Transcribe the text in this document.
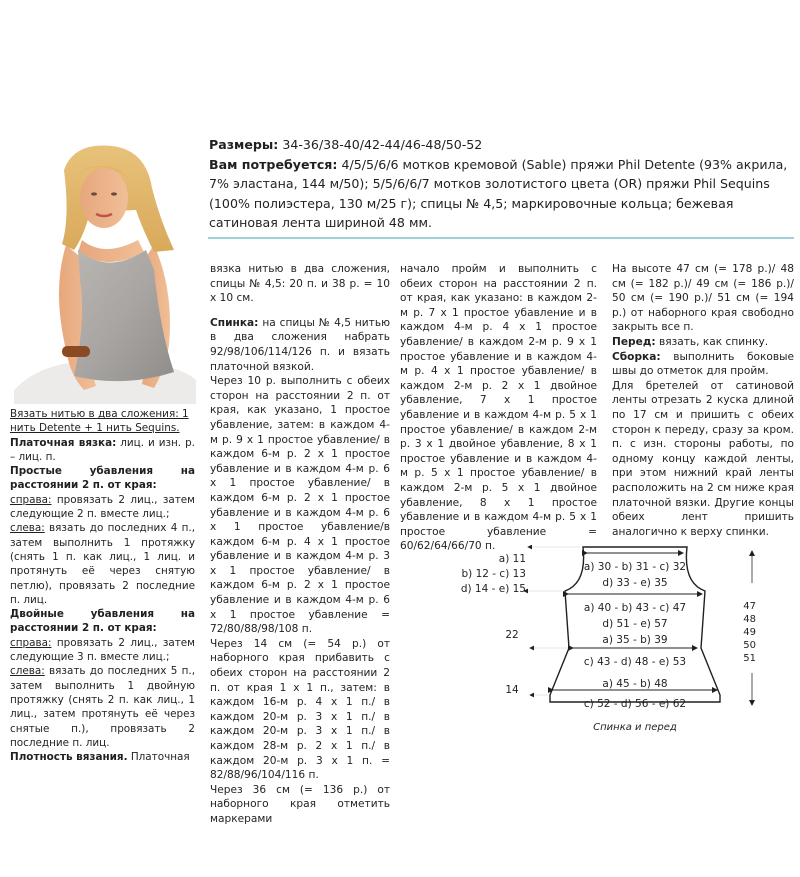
Размеры: 34-36/38-40/42-44/46-48/50-52
Вам потребуется: 4/5/5/6/6 мотков кремовой (Sable) пряжи Phil Detente (93% акрила, 7% эластана, 144 м/50); 5/5/6/6/7 мотков золотистого цвета (OR) пряжи Phil Sequins (100% полиэстера, 130 м/25 г); спицы № 4,5; маркировочные кольца; бежевая сатиновая лента шириной 48 мм.

Вязать нитью в два сложения: 1 нить Detente + 1 нить Sequins.

Платочная вязка: лиц. и изн. р. – лиц. п.

Простые убавления на расстоянии 2 п. от края:

справа: провязать 2 лиц., затем следующие 2 п. вместе лиц.;

слева: вязать до последних 4 п., затем выполнить 1 протяжку (снять 1 п. как лиц., 1 лиц. и протянуть её через снятую петлю), провязать 2 последние п. лиц.

Двойные убавления на расстоянии 2 п. от края:

справа: провязать 2 лиц., затем следующие 3 п. вместе лиц.;

слева: вязать до последних 5 п., затем выполнить 1 двойную протяжку (снять 2 п. как лиц., 1 лиц., затем протянуть её через снятые п.), провязать 2 последние п. лиц.

Плотность вязания. Платочная

вязка нитью в два сложения, спицы № 4,5: 20 п. и 38 р. = 10 х 10 см.

Спинка: на спицы № 4,5 нитью в два сложения набрать 92/98/106/114/126 п. и вязать платочной вязкой.

Через 10 р. выполнить с обеих сторон на расстоянии 2 п. от края, как указано, 1 простое убавление, затем: в каждом 4-м р. 9 х 1 простое убавление/ в каждом 6-м р. 2 х 1 простое убавление и в каждом 4-м р. 6 х 1 простое убавление/ в каждом 6-м р. 2 х 1 простое убавление и в каждом 4-м р. 6 х 1 простое убавление/в каждом 6-м р. 4 х 1 простое убавление и в каждом 4-м р. 3 х 1 простое убавление/ в каждом 6-м р. 2 х 1 простое убавление и в каждом 4-м р. 6 х 1 простое убавление = 72/80/88/98/108 п.

Через 14 см (= 54 р.) от наборного края прибавить с обеих сторон на расстоянии 2 п. от края 1 х 1 п., затем: в каждом 16-м р. 4 х 1 п./ в каждом 20-м р. 3 х 1 п./ в каждом 20-м р. 3 х 1 п./ в каждом 28-м р. 2 х 1 п./ в каждом 20-м р. 3 х 1 п. = 82/88/96/104/116 п.

Через 36 см (= 136 р.) от наборного края отметить маркерами

начало пройм и выполнить с обеих сторон на расстоянии 2 п. от края, как указано: в каждом 2-м р. 7 х 1 простое убавление и в каждом 4-м р. 4 х 1 простое убавление/ в каждом 2-м р. 9 х 1 простое убавление и в каждом 4-м р. 4 х 1 простое убавление/ в каждом 2-м р. 2 х 1 двойное убавление, 7 х 1 простое убавление и в каждом 4-м р. 5 х 1 простое убавление/ в каждом 2-м р. 3 х 1 двойное убавление, 8 х 1 простое убавление и в каждом 4-м р. 5 х 1 простое убавление/ в каждом 2-м р. 5 х 1 двойное убавление, 8 х 1 простое убавление и в каждом 4-м р. 5 х 1 простое убавление = 60/62/64/66/70 п.

На высоте 47 см (= 178 р.)/ 48 см (= 182 р.)/ 49 см (= 186 р.)/ 50 см (= 190 р.)/ 51 см (= 194 р.) от наборного края свободно закрыть все п.

Перед: вязать, как спинку.

Сборка: выполнить боковые швы до отметок для пройм.

Для бретелей от сатиновой ленты отрезать 2 куска длиной по 17 см и пришить с обеих сторон к переду, сразу за кром. п. с изн. стороны работы, по одному концу каждой ленты, при этом нижний край ленты расположить на 2 см ниже края платочной вязки. Другие концы обеих лент пришить аналогично к верху спинки.

a) 11
b) 12 - c) 13
d) 14 - e) 15
a) 30 - b) 31 - c) 32
d) 33 - e) 35
a) 40 - b) 43 - c) 47
d) 51 - e) 57
22	a) 35 - b) 39
c) 43 - d) 48 - e) 53
14	a) 45 - b) 48
c) 52 - d) 56 - e) 62
47
48
49
50
51
Спинка и перед
